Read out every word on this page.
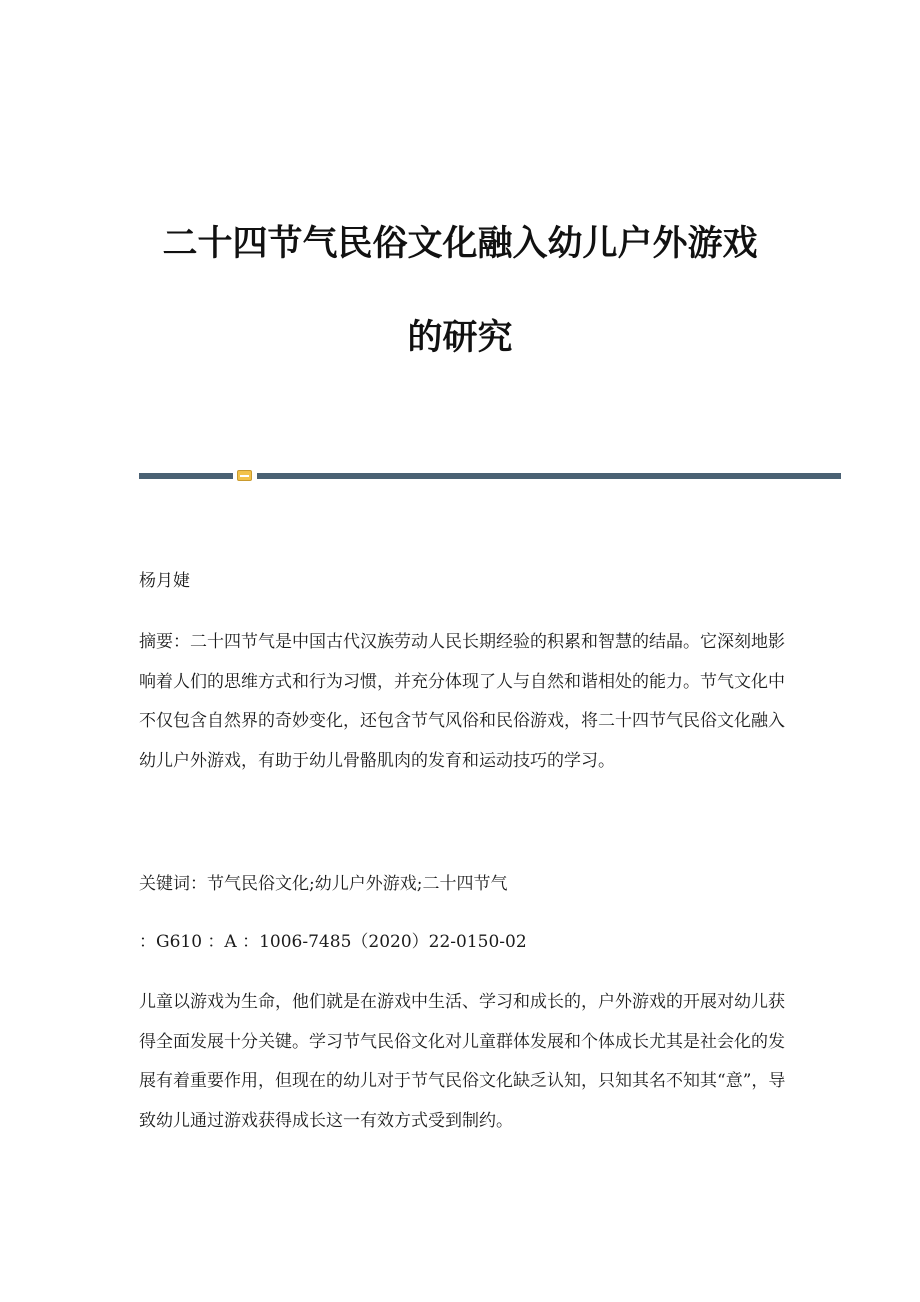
二十四节气民俗文化融入幼儿户外游戏
的研究
杨月婕
摘要：二十四节气是中国古代汉族劳动人民长期经验的积累和智慧的结晶。它深刻地影响着人们的思维方式和行为习惯，并充分体现了人与自然和谐相处的能力。节气文化中不仅包含自然界的奇妙变化，还包含节气风俗和民俗游戏，将二十四节气民俗文化融入幼儿户外游戏，有助于幼儿骨骼肌肉的发育和运动技巧的学习。
关键词：节气民俗文化;幼儿户外游戏;二十四节气
：G610 ：A ：1006-7485（2020）22-0150-02
儿童以游戏为生命，他们就是在游戏中生活、学习和成长的，户外游戏的开展对幼儿获得全面发展十分关键。学习节气民俗文化对儿童群体发展和个体成长尤其是社会化的发展有着重要作用，但现在的幼儿对于节气民俗文化缺乏认知，只知其名不知其“意”，导致幼儿通过游戏获得成长这一有效方式受到制约。
